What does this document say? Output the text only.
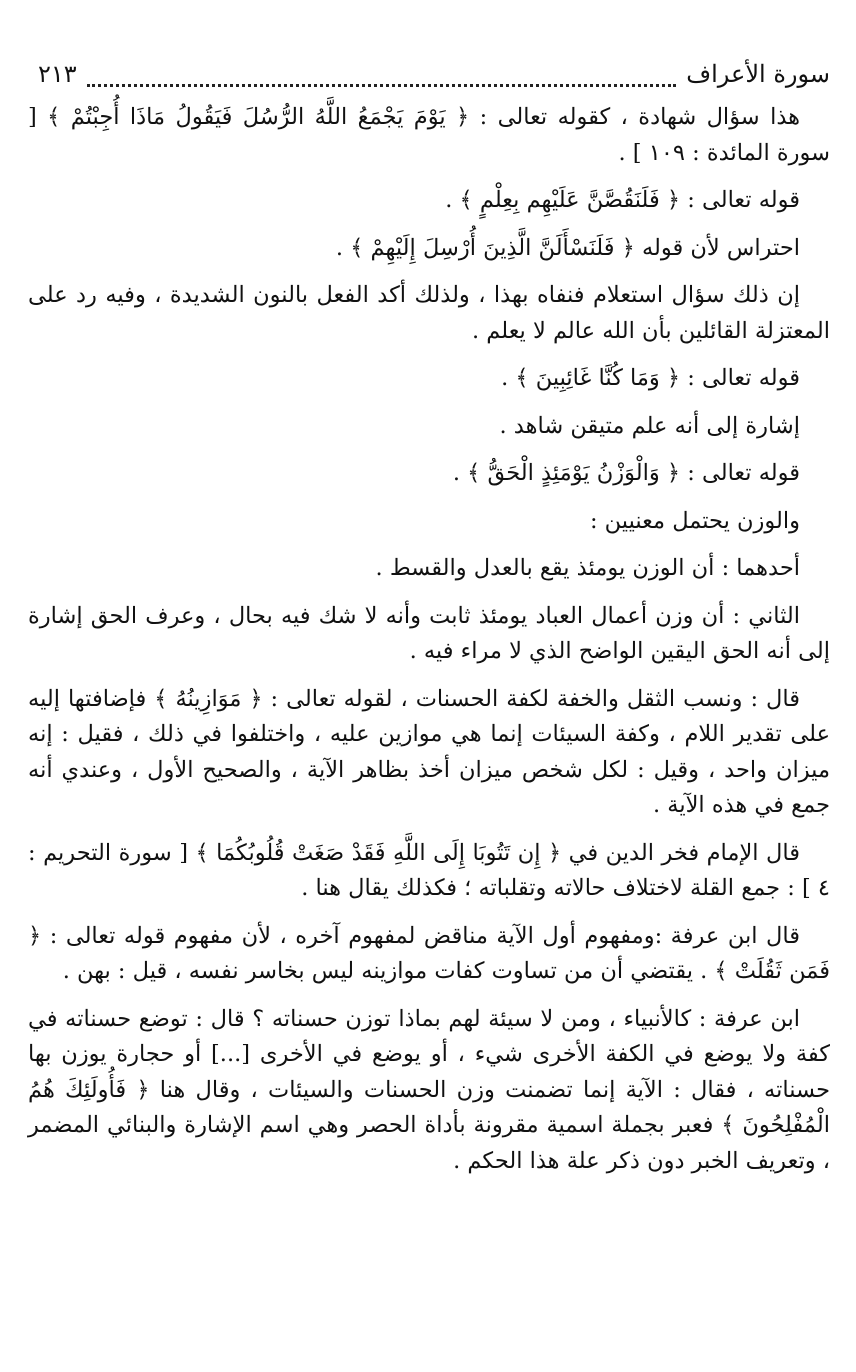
سورة الأعراف
٢١٣

هذا سؤال شهادة ، كقوله تعالى : ﴿ يَوْمَ يَجْمَعُ اللَّهُ الرُّسُلَ فَيَقُولُ مَاذَا أُجِبْتُمْ ﴾ [ سورة المائدة : ١٠٩ ] .

قوله تعالى : ﴿ فَلَنَقُصَّنَّ عَلَيْهِم بِعِلْمٍ ﴾ .

احتراس لأن قوله ﴿ فَلَنَسْأَلَنَّ الَّذِينَ أُرْسِلَ إِلَيْهِمْ ﴾ .

إن ذلك سؤال استعلام فنفاه بهذا ، ولذلك أكد الفعل بالنون الشديدة ، وفيه رد على المعتزلة القائلين بأن الله عالم لا يعلم .

قوله تعالى : ﴿ وَمَا كُنَّا غَائِبِينَ ﴾ .

إشارة إلى أنه علم متيقن شاهد .

قوله تعالى : ﴿ وَالْوَزْنُ يَوْمَئِذٍ الْحَقُّ ﴾ .

والوزن يحتمل معنيين :

أحدهما : أن الوزن يومئذ يقع بالعدل والقسط .

الثاني : أن وزن أعمال العباد يومئذ ثابت وأنه لا شك فيه بحال ، وعرف الحق إشارة إلى أنه الحق اليقين الواضح الذي لا مراء فيه .

قال : ونسب الثقل والخفة لكفة الحسنات ، لقوله تعالى : ﴿ مَوَازِينُهُ ﴾ فإضافتها إليه على تقدير اللام ، وكفة السيئات إنما هي موازين عليه ، واختلفوا في ذلك ، فقيل : إنه ميزان واحد ، وقيل : لكل شخص ميزان أخذ بظاهر الآية ، والصحيح الأول ، وعندي أنه جمع في هذه الآية .

قال الإمام فخر الدين في ﴿ إِن تَتُوبَا إِلَى اللَّهِ فَقَدْ صَغَتْ قُلُوبُكُمَا ﴾ [ سورة التحريم : ٤ ] : جمع القلة لاختلاف حالاته وتقلباته ؛ فكذلك يقال هنا .

قال ابن عرفة :ومفهوم أول الآية مناقض لمفهوم آخره ، لأن مفهوم قوله تعالى : ﴿ فَمَن ثَقُلَتْ ﴾ . يقتضي أن من تساوت كفات موازينه ليس بخاسر نفسه ، قيل : بهن .

ابن عرفة : كالأنبياء ، ومن لا سيئة لهم بماذا توزن حسناته ؟ قال : توضع حسناته في كفة ولا يوضع في الكفة الأخرى شيء ، أو يوضع في الأخرى [...] أو حجارة يوزن بها حسناته ، فقال : الآية إنما تضمنت وزن الحسنات والسيئات ، وقال هنا ﴿ فَأُولَئِكَ هُمُ الْمُفْلِحُونَ ﴾ فعبر بجملة اسمية مقرونة بأداة الحصر وهي اسم الإشارة والبنائي المضمر ، وتعريف الخبر دون ذكر علة هذا الحكم .
